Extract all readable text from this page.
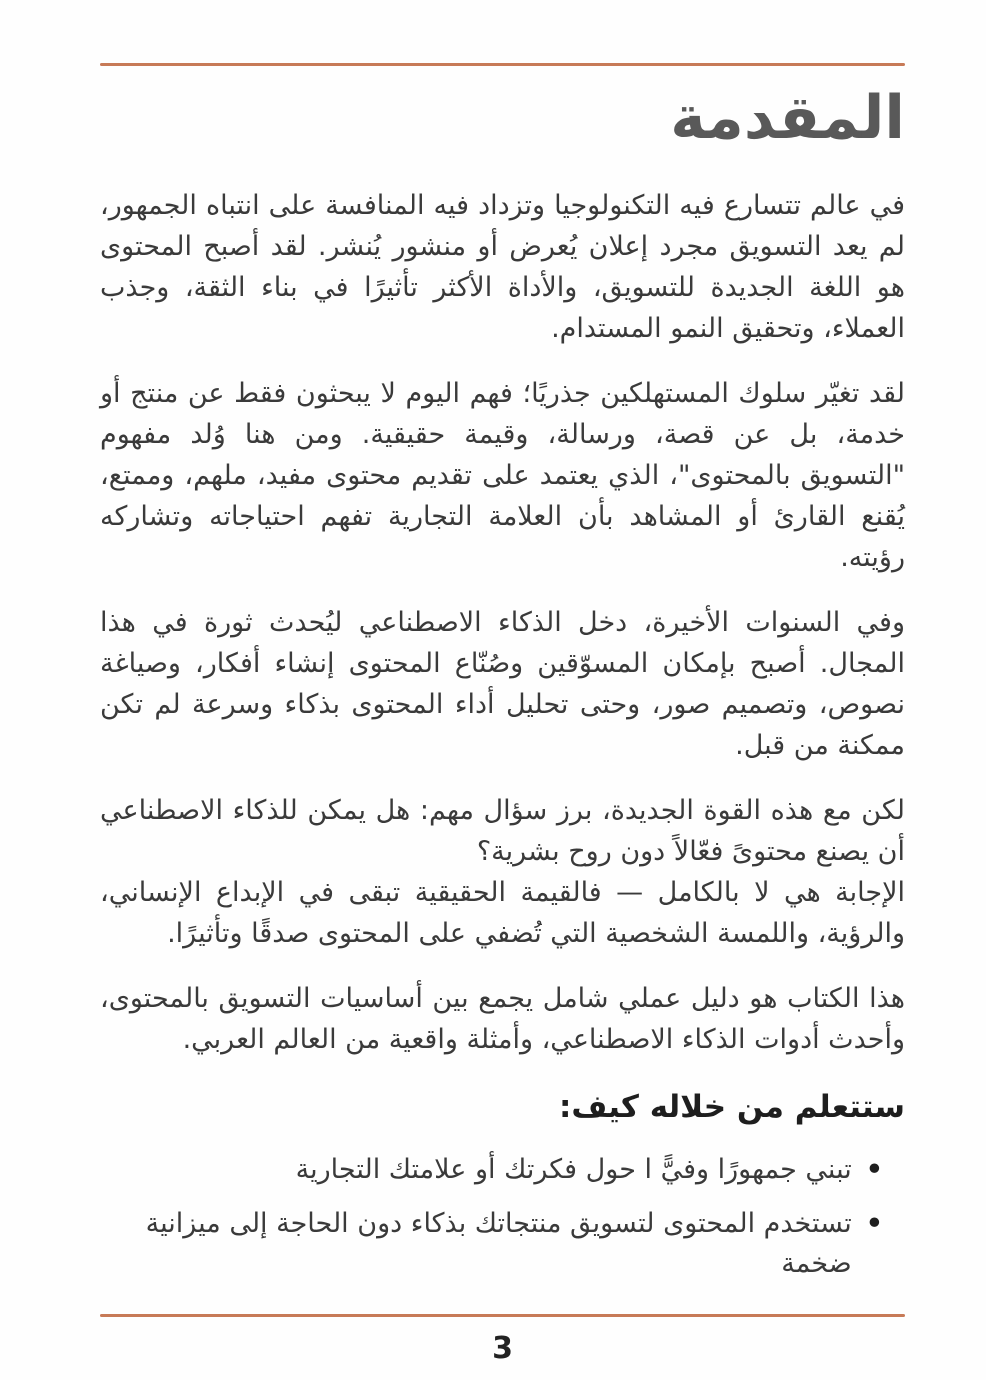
المقدمة

في عالم تتسارع فيه التكنولوجيا وتزداد فيه المنافسة على انتباه الجمهور، لم يعد التسويق مجرد إعلان يُعرض أو منشور يُنشر. لقد أصبح المحتوى هو اللغة الجديدة للتسويق، والأداة الأكثر تأثيرًا في بناء الثقة، وجذب العملاء، وتحقيق النمو المستدام.

لقد تغيّر سلوك المستهلكين جذريًا؛ فهم اليوم لا يبحثون فقط عن منتج أو خدمة، بل عن قصة، ورسالة، وقيمة حقيقية. ومن هنا وُلد مفهوم "التسويق بالمحتوى"، الذي يعتمد على تقديم محتوى مفيد، ملهم، وممتع، يُقنع القارئ أو المشاهد بأن العلامة التجارية تفهم احتياجاته وتشاركه رؤيته.

وفي السنوات الأخيرة، دخل الذكاء الاصطناعي ليُحدث ثورة في هذا المجال. أصبح بإمكان المسوّقين وصُنّاع المحتوى إنشاء أفكار، وصياغة نصوص، وتصميم صور، وحتى تحليل أداء المحتوى بذكاء وسرعة لم تكن ممكنة من قبل.

لكن مع هذه القوة الجديدة، برز سؤال مهم: هل يمكن للذكاء الاصطناعي أن يصنع محتوىً فعّالاً دون روح بشرية؟

الإجابة هي لا بالكامل — فالقيمة الحقيقية تبقى في الإبداع الإنساني، والرؤية، واللمسة الشخصية التي تُضفي على المحتوى صدقًا وتأثيرًا.

هذا الكتاب هو دليل عملي شامل يجمع بين أساسيات التسويق بالمحتوى، وأحدث أدوات الذكاء الاصطناعي، وأمثلة واقعية من العالم العربي.

ستتعلم من خلاله كيف:
•
تبني جمهورًا وفيًّ ا حول فكرتك أو علامتك التجارية
•
تستخدم المحتوى لتسويق منتجاتك بذكاء دون الحاجة إلى ميزانية ضخمة
3
